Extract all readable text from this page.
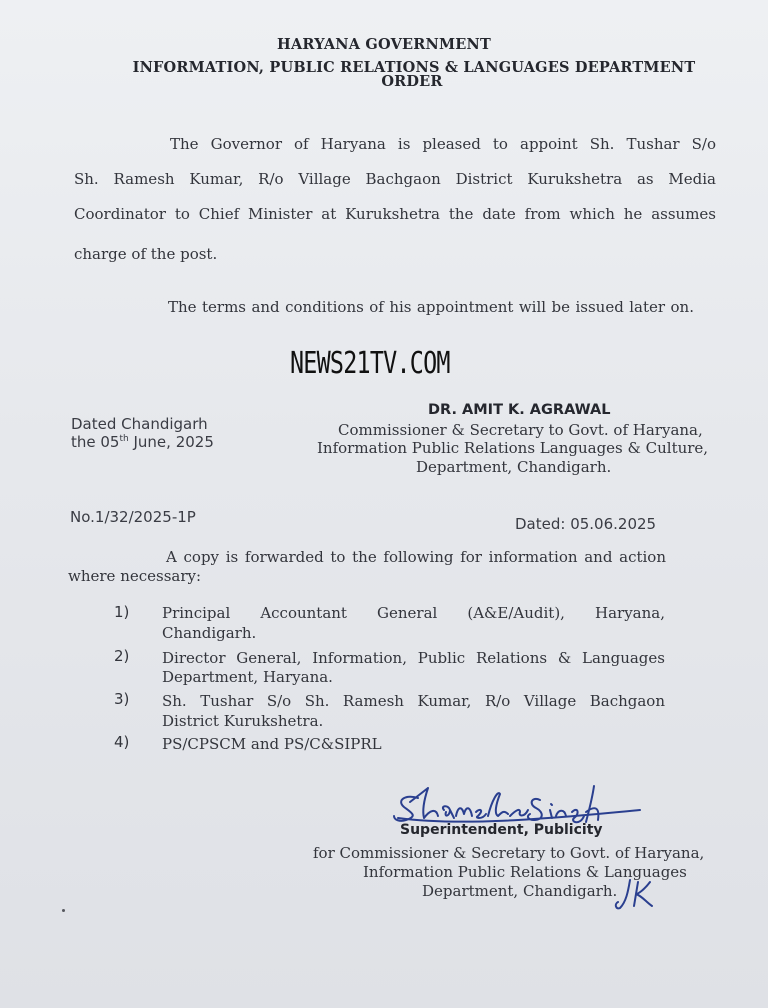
HARYANA GOVERNMENT
INFORMATION, PUBLIC RELATIONS & LANGUAGES DEPARTMENT
ORDER
The Governor of Haryana is pleased to appoint Sh. Tushar S/o
Sh. Ramesh Kumar, R/o Village Bachgaon District Kurukshetra as Media
Coordinator to Chief Minister at Kurukshetra the date from which he assumes
charge of the post.
The terms and conditions of his appointment will be issued later on.
NEWS21TV.COM
Dated Chandigarh
the 05th June, 2025
DR. AMIT K. AGRAWAL
Commissioner & Secretary to Govt. of Haryana,
Information Public Relations Languages & Culture,
Department, Chandigarh.
No.1/32/2025-1P	Dated: 05.06.2025
A copy is forwarded to the following for information and action
where necessary:
1) Principal Accountant General (A&E/Audit), Haryana,
Chandigarh.
2) Director General, Information, Public Relations & Languages
Department, Haryana.
3) Sh. Tushar S/o Sh. Ramesh Kumar, R/o Village Bachgaon
District Kurukshetra.
4) PS/CPSCM and PS/C&SIPRL
Superintendent, Publicity
for Commissioner & Secretary to Govt. of Haryana,
Information Public Relations & Languages
Department, Chandigarh.
